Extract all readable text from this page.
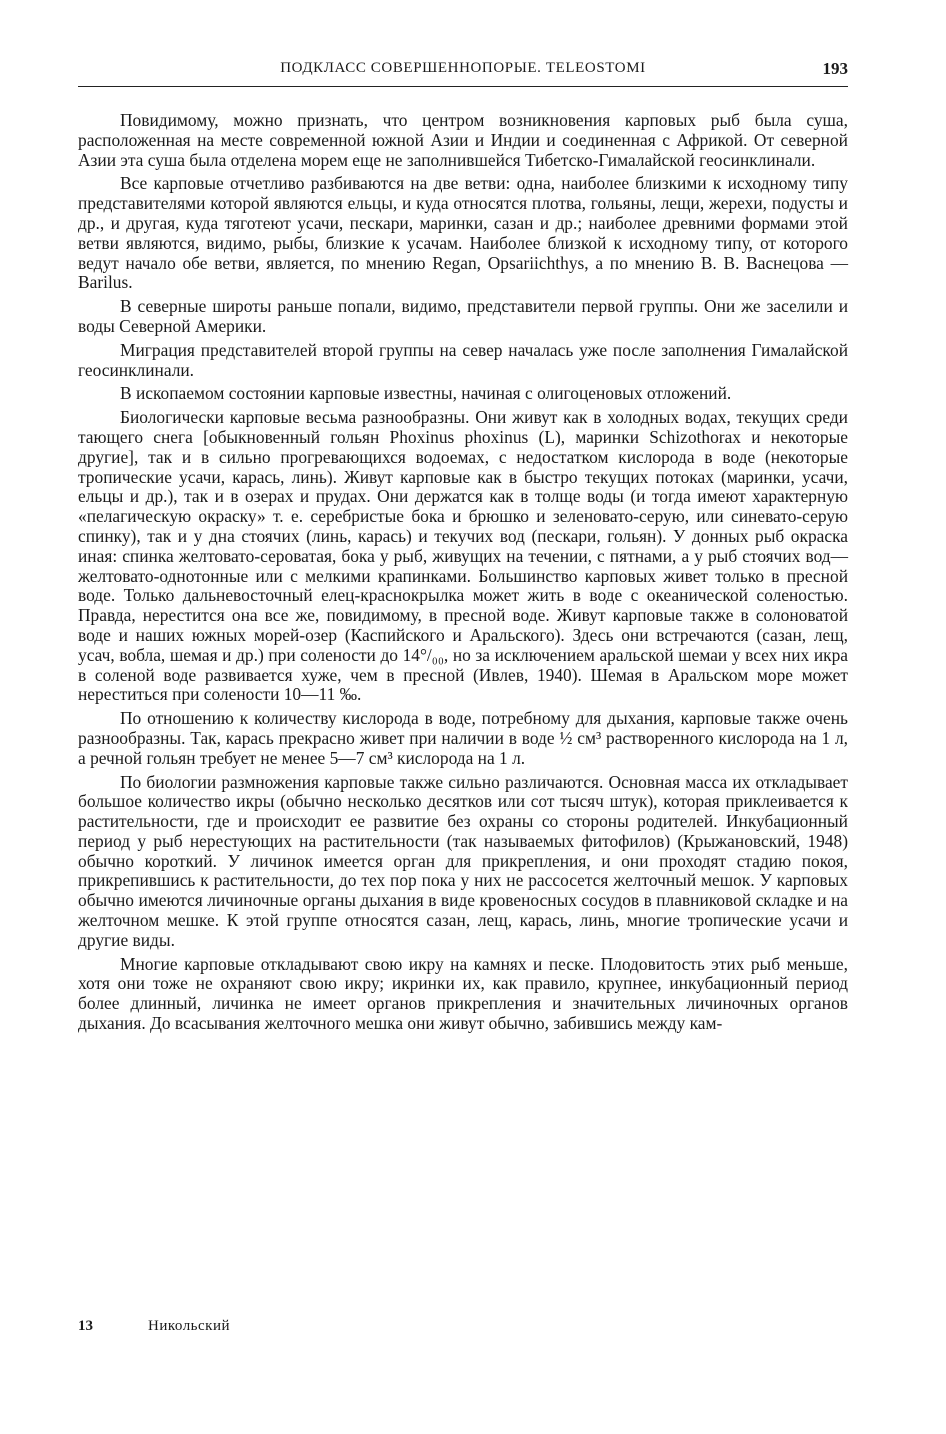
ПОДКЛАСС СОВЕРШЕННОПОРЫЕ. TELEOSTOMI	193

Повидимому, можно признать, что центром возникновения карповых рыб была суша, расположенная на месте современной южной Азии и Индии и соединенная с Африкой. От северной Азии эта суша была отделена морем еще не заполнившейся Тибетско-Гималайской геосинклинали.

Все карповые отчетливо разбиваются на две ветви: одна, наиболее близкими к исходному типу представителями которой являются ельцы, и куда относятся плотва, гольяны, лещи, жерехи, подусты и др., и другая, куда тяготеют усачи, пескари, маринки, сазан и др.; наиболее древними формами этой ветви являются, видимо, рыбы, близкие к усачам. Наиболее близкой к исходному типу, от которого ведут начало обе ветви, является, по мнению Regan, Opsariichthys, а по мнению В. В. Васнецова — Barilus.

В северные широты раньше попали, видимо, представители первой группы. Они же заселили и воды Северной Америки.

Миграция представителей второй группы на север началась уже после заполнения Гималайской геосинклинали.

В ископаемом состоянии карповые известны, начиная с олигоценовых отложений.

Биологически карповые весьма разнообразны. Они живут как в холодных водах, текущих среди тающего снега [обыкновенный гольян Phoxinus phoxinus (L), маринки Schizothorax и некоторые другие], так и в сильно прогревающихся водоемах, с недостатком кислорода в воде (некоторые тропические усачи, карась, линь). Живут карповые как в быстро текущих потоках (маринки, усачи, ельцы и др.), так и в озерах и прудах. Они держатся как в толще воды (и тогда имеют характерную «пелагическую окраску» т. е. серебристые бока и брюшко и зеленовато-серую, или синевато-серую спинку), так и у дна стоячих (линь, карась) и текучих вод (пескари, гольян). У донных рыб окраска иная: спинка желтовато-сероватая, бока у рыб, живущих на течении, с пятнами, а у рыб стоячих вод—желтовато-однотонные или с мелкими крапинками. Большинство карповых живет только в пресной воде. Только дальневосточный елец-краснокрылка может жить в воде с океанической соленостью. Правда, нерестится она все же, повидимому, в пресной воде. Живут карповые также в солоноватой воде и наших южных морей-озер (Каспийского и Аральского). Здесь они встречаются (сазан, лещ, усач, вобла, шемая и др.) при солености до 14°/₀₀, но за исключением аральской шемаи у всех них икра в соленой воде развивается хуже, чем в пресной (Ивлев, 1940). Шемая в Аральском море может нереститься при солености 10—11 ‰.

По отношению к количеству кислорода в воде, потребному для дыхания, карповые также очень разнообразны. Так, карась прекрасно живет при наличии в воде ½ см³ растворенного кислорода на 1 л, а речной гольян требует не менее 5—7 см³ кислорода на 1 л.

По биологии размножения карповые также сильно различаются. Основная масса их откладывает большое количество икры (обычно несколько десятков или сот тысяч штук), которая приклеивается к растительности, где и происходит ее развитие без охраны со стороны родителей. Инкубационный период у рыб нерестующих на растительности (так называемых фитофилов) (Крыжановский, 1948) обычно короткий. У личинок имеется орган для прикрепления, и они проходят стадию покоя, прикрепившись к растительности, до тех пор пока у них не рассосется желточный мешок. У карповых обычно имеются личиночные органы дыхания в виде кровеносных сосудов в плавниковой складке и на желточном мешке. К этой группе относятся сазан, лещ, карась, линь, многие тропические усачи и другие виды.

Многие карповые откладывают свою икру на камнях и песке. Плодовитость этих рыб меньше, хотя они тоже не охраняют свою икру; икринки их, как правило, крупнее, инкубационный период более длинный, личинка не имеет органов прикрепления и значительных личиночных органов дыхания. До всасывания желточного мешка они живут обычно, забившись между кам-

13	Никольский
